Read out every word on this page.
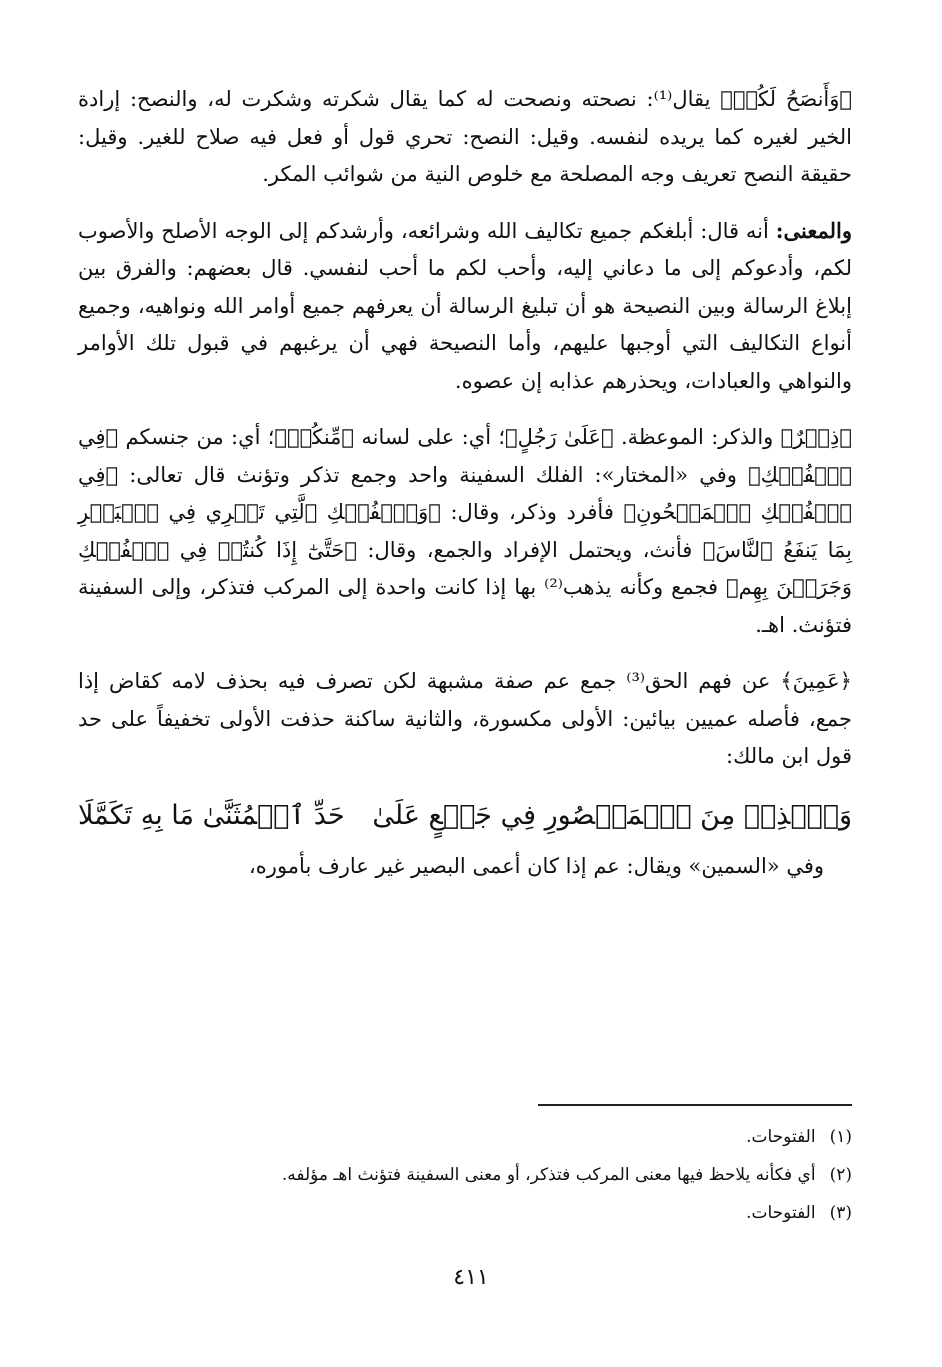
﴿وَأَنصَحُ لَكُمۡ﴾ يقال⁽¹⁾: نصحته ونصحت له كما يقال شكرته وشكرت له، والنصح: إرادة الخير لغيره كما يريده لنفسه. وقيل: النصح: تحري قول أو فعل فيه صلاح للغير. وقيل: حقيقة النصح تعريف وجه المصلحة مع خلوص النية من شوائب المكر.

والمعنى: أنه قال: أبلغكم جميع تكاليف الله وشرائعه، وأرشدكم إلى الوجه الأصلح والأصوب لكم، وأدعوكم إلى ما دعاني إليه، وأحب لكم ما أحب لنفسي. قال بعضهم: والفرق بين إبلاغ الرسالة وبين النصيحة هو أن تبليغ الرسالة أن يعرفهم جميع أوامر الله ونواهيه، وجميع أنواع التكاليف التي أوجبها عليهم، وأما النصيحة فهي أن يرغبهم في قبول تلك الأوامر والنواهي والعبادات، ويحذرهم عذابه إن عصوه.

﴿ذِكۡرٌ﴾ والذكر: الموعظة. ﴿عَلَىٰ رَجُلٍ﴾؛ أي: على لسانه ﴿مِّنكُمۡ﴾؛ أي: من جنسكم ﴿فِي ٱلۡفُلۡكِ﴾ وفي «المختار»: الفلك السفينة واحد وجمع تذكر وتؤنث قال تعالى: ﴿فِي ٱلۡفُلۡكِ ٱلۡمَشۡحُونِ﴾ فأفرد وذكر، وقال: ﴿وَٱلۡفُلۡكِ ٱلَّتِي تَجۡرِي فِي ٱلۡبَحۡرِ بِمَا يَنفَعُ ٱلنَّاسَ﴾ فأنث، ويحتمل الإفراد والجمع، وقال: ﴿حَتَّىٰٓ إِذَا كُنتُمۡ فِي ٱلۡفُلۡكِ وَجَرَيۡنَ بِهِم﴾ فجمع وكأنه يذهب⁽²⁾ بها إذا كانت واحدة إلى المركب فتذكر، وإلى السفينة فتؤنث. اهـ.

﴿عَمِينَ﴾ عن فهم الحق⁽³⁾ جمع عم صفة مشبهة لكن تصرف فيه بحذف لامه كقاض إذا جمع، فأصله عميين بيائين: الأولى مكسورة، والثانية ساكنة حذفت الأولى تخفيفاً على حد قول ابن مالك:

وَٱحۡذِفۡ مِنَ ٱلۡمَقۡصُورِ فِي جَمۡعٍ عَلَىٰ
حَدِّ ٱلۡمُثَنَّىٰ مَا بِهِ تَكَمَّلَا

وفي «السمين» ويقال: عم إذا كان أعمى البصير غير عارف بأموره،

(١)الفتوحات.
(٢)أي فكأنه يلاحظ فيها معنى المركب فتذكر، أو معنى السفينة فتؤنث اهـ مؤلفه.
(٣)الفتوحات.
٤١١
